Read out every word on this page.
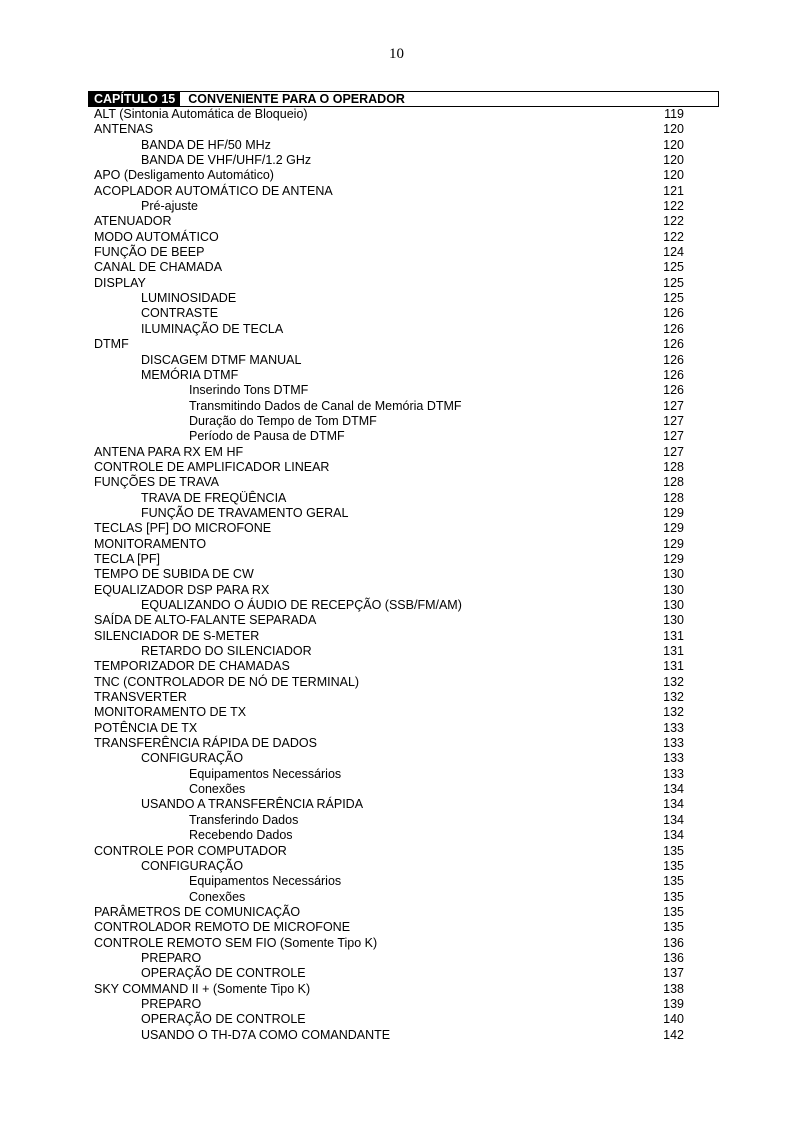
10
CAPÍTULO 15	CONVENIENTE PARA O OPERADOR
ALT (Sintonia Automática de Bloqueio)	119
ANTENAS	120
BANDA DE HF/50 MHz	120
BANDA DE VHF/UHF/1.2 GHz	120
APO (Desligamento Automático)	120
ACOPLADOR AUTOMÁTICO DE ANTENA	121
Pré-ajuste	122
ATENUADOR	122
MODO AUTOMÁTICO	122
FUNÇÃO DE BEEP	124
CANAL DE CHAMADA	125
DISPLAY	125
LUMINOSIDADE	125
CONTRASTE	126
ILUMINAÇÃO DE TECLA	126
DTMF	126
DISCAGEM DTMF MANUAL	126
MEMÓRIA DTMF	126
Inserindo Tons DTMF	126
Transmitindo Dados de Canal de Memória DTMF	127
Duração do Tempo de Tom DTMF	127
Período de Pausa de DTMF	127
ANTENA PARA RX EM HF	127
CONTROLE DE AMPLIFICADOR LINEAR	128
FUNÇÕES DE TRAVA	128
TRAVA DE FREQÜÊNCIA	128
FUNÇÃO DE TRAVAMENTO GERAL	129
TECLAS [PF] DO MICROFONE	129
MONITORAMENTO	129
TECLA [PF]	129
TEMPO DE SUBIDA DE CW	130
EQUALIZADOR DSP PARA RX	130
EQUALIZANDO O ÁUDIO DE RECEPÇÃO (SSB/FM/AM)	130
SAÍDA DE ALTO-FALANTE SEPARADA	130
SILENCIADOR DE S-METER	131
RETARDO DO SILENCIADOR	131
TEMPORIZADOR DE CHAMADAS	131
TNC (CONTROLADOR DE NÓ DE TERMINAL)	132
TRANSVERTER	132
MONITORAMENTO DE TX	132
POTÊNCIA DE TX	133
TRANSFERÊNCIA RÁPIDA DE DADOS	133
CONFIGURAÇÃO	133
Equipamentos Necessários	133
Conexões	134
USANDO A TRANSFERÊNCIA RÁPIDA	134
Transferindo Dados	134
Recebendo Dados	134
CONTROLE POR COMPUTADOR	135
CONFIGURAÇÃO	135
Equipamentos Necessários	135
Conexões	135
PARÂMETROS DE COMUNICAÇÃO	135
CONTROLADOR REMOTO DE MICROFONE	135
CONTROLE REMOTO SEM FIO (Somente Tipo K)	136
PREPARO	136
OPERAÇÃO DE CONTROLE	137
SKY COMMAND II + (Somente Tipo K)	138
PREPARO	139
OPERAÇÃO DE CONTROLE	140
USANDO O TH-D7A COMO COMANDANTE	142
